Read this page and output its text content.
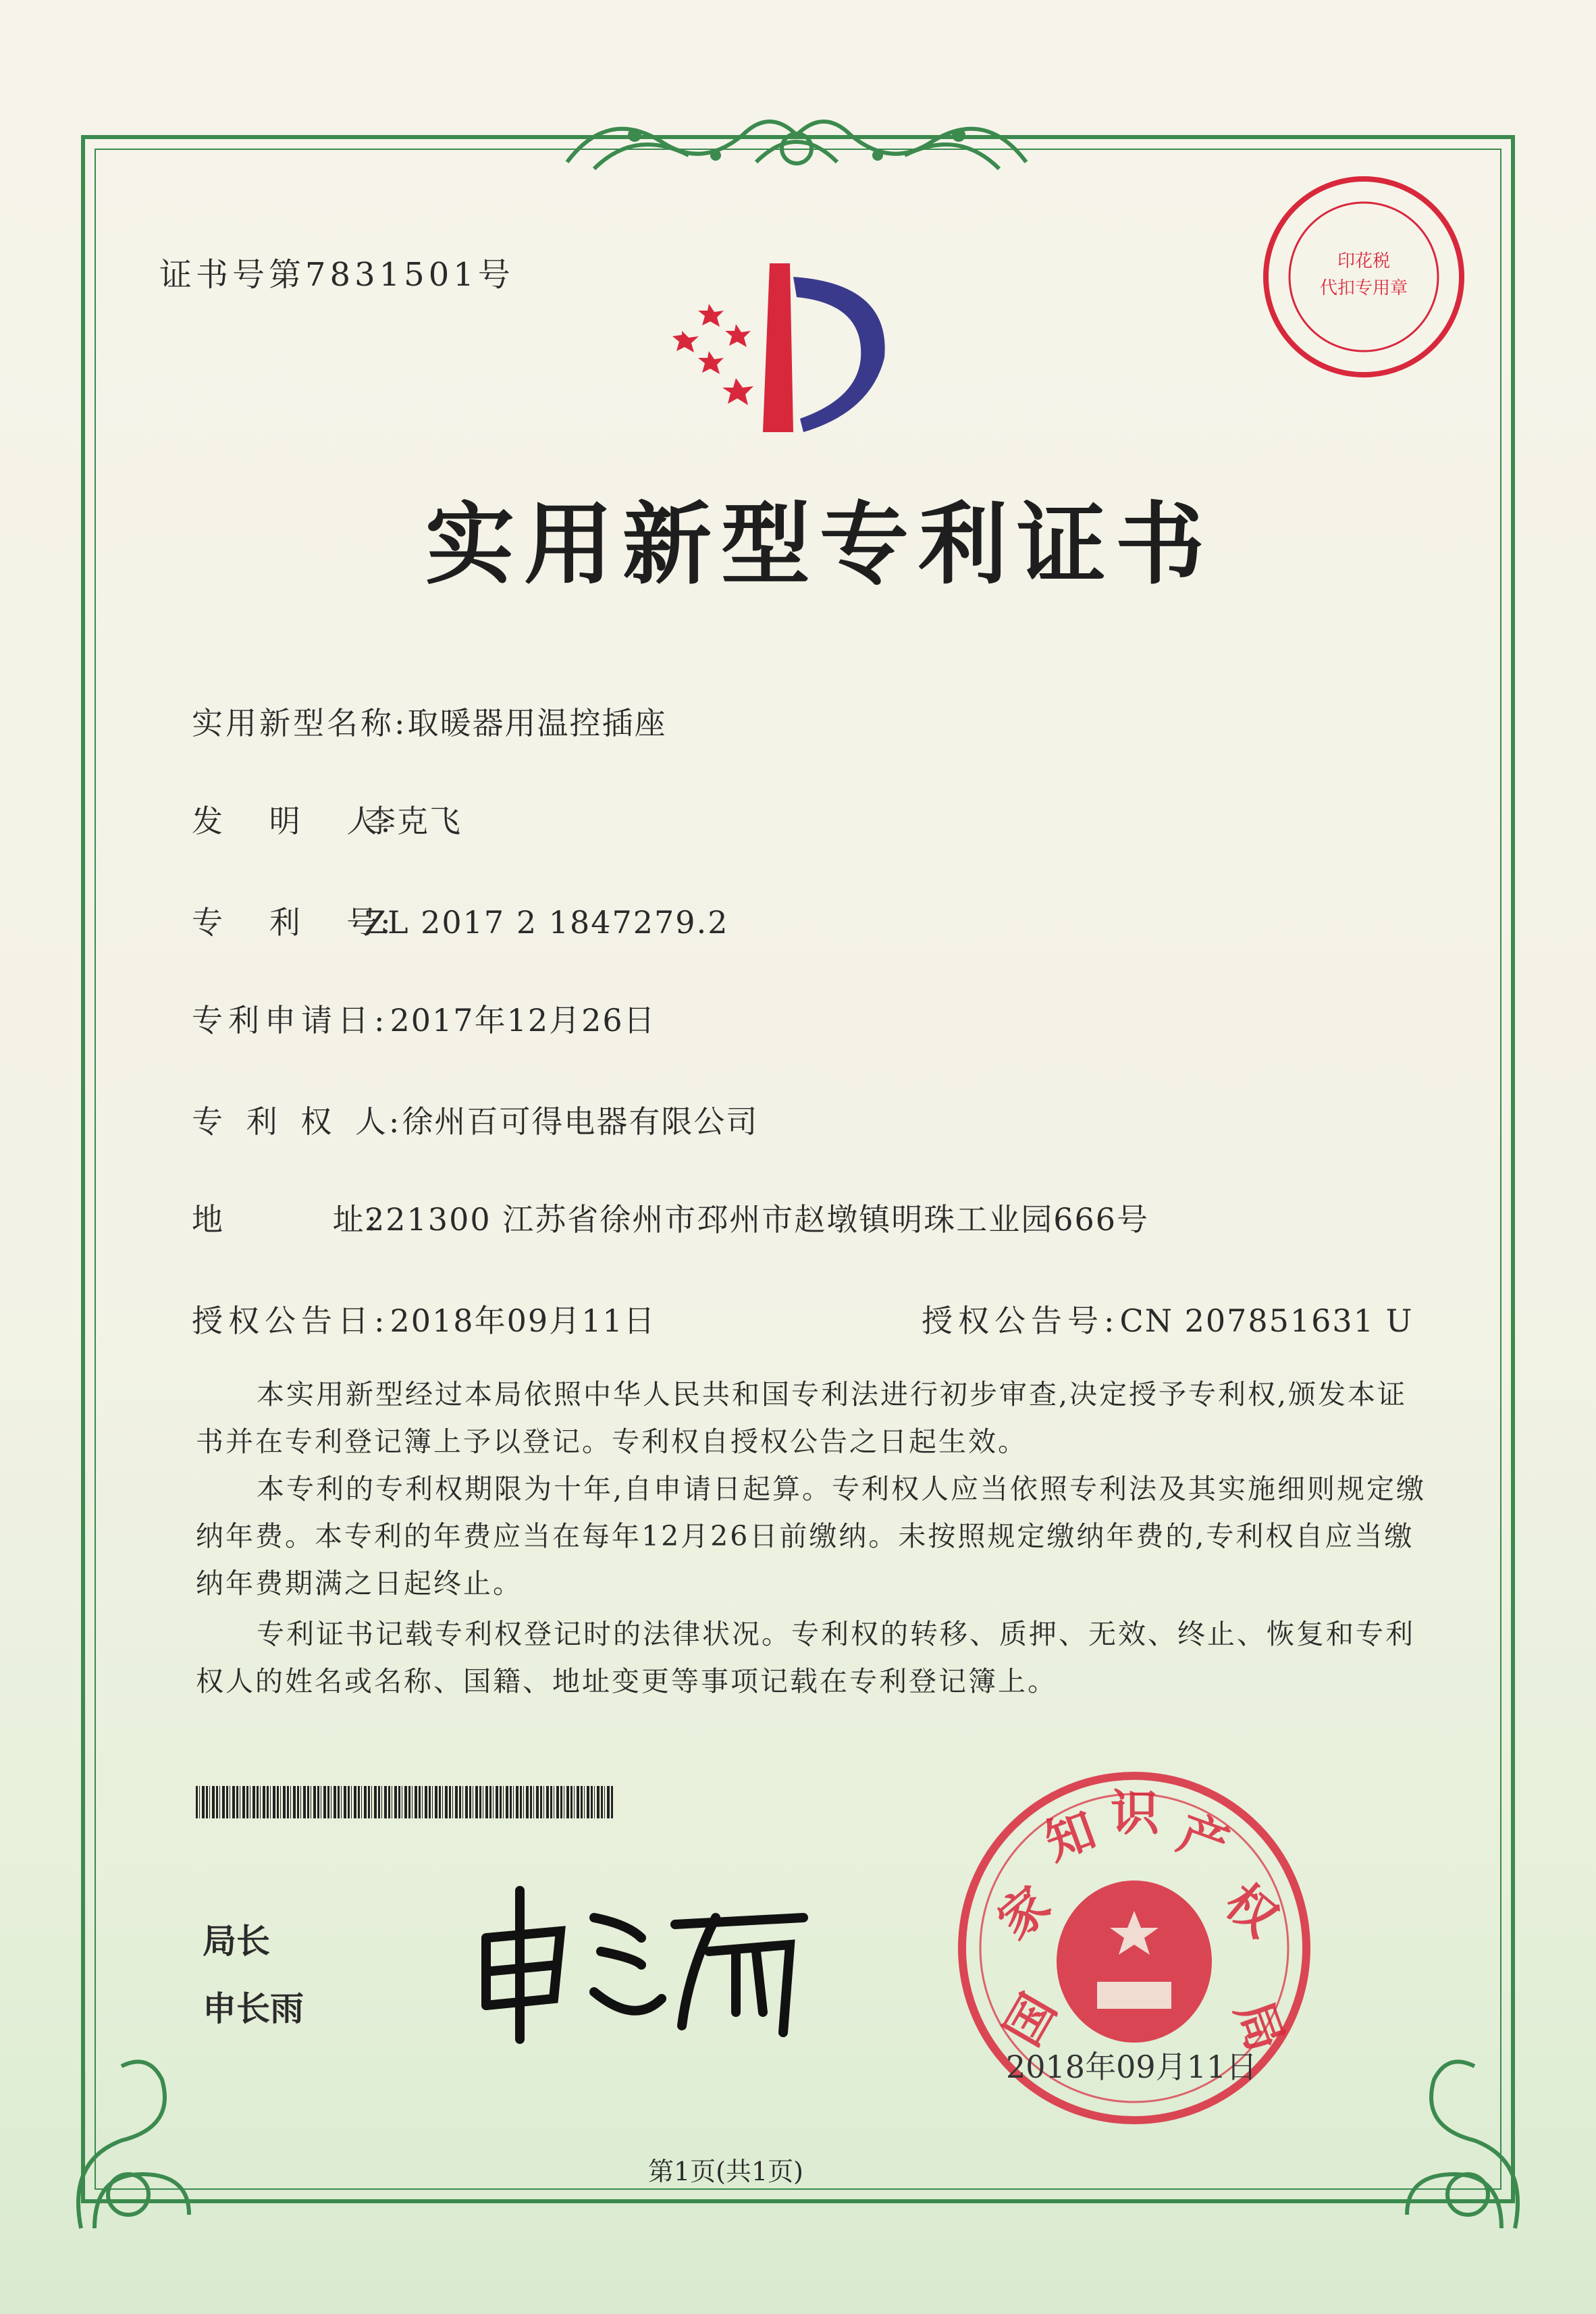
证书号第7831501号
实用新型专利证书
印花税
代扣专用章
实用新型名称:取暖器用温控插座
发 明 人:李克飞
专 利 号:ZL 2017 2 1847279.2
专利申请日:2017年12月26日
专 利 权 人:徐州百可得电器有限公司
地 址:221300 江苏省徐州市邳州市赵墩镇明珠工业园666号
授权公告日:2018年09月11日	授权公告号:CN 207851631 U
本实用新型经过本局依照中华人民共和国专利法进行初步审查,决定授予专利权,颁发本证书并在专利登记簿上予以登记。专利权自授权公告之日起生效。
本专利的专利权期限为十年,自申请日起算。专利权人应当依照专利法及其实施细则规定缴纳年费。本专利的年费应当在每年12月26日前缴纳。未按照规定缴纳年费的,专利权自应当缴纳年费期满之日起终止。
专利证书记载专利权登记时的法律状况。专利权的转移、质押、无效、终止、恢复和专利权人的姓名或名称、国籍、地址变更等事项记载在专利登记簿上。
局长
申长雨	国
家
知 识 产
权
局
2018年09月11日
第1页(共1页)
